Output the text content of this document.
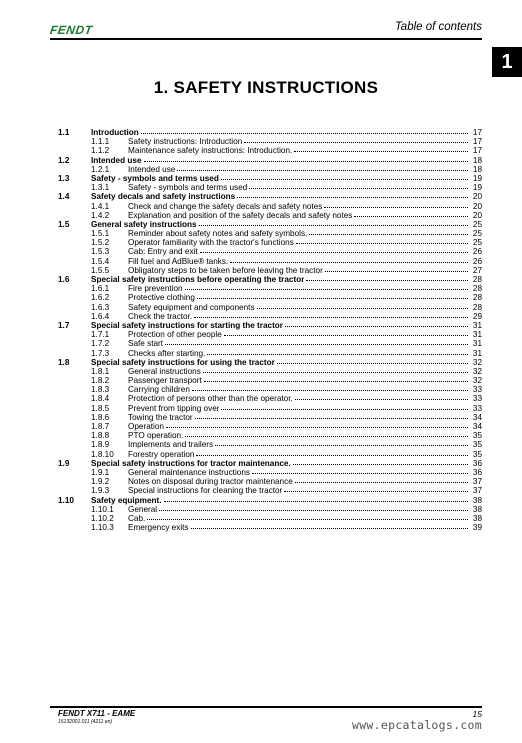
FENDT	Table of contents
1
1. SAFETY INSTRUCTIONS
1.1	Introduction	17
1.1.1	Safety instructions: Introduction	17
1.1.2	Maintenance safety instructions: Introduction.	17
1.2	Intended use	18
1.2.1	Intended use	18
1.3	Safety - symbols and terms used	19
1.3.1	Safety - symbols and terms used	19
1.4	Safety decals and safety instructions	20
1.4.1	Check and change the safety decals and safety notes	20
1.4.2	Explanation and position of the safety decals and safety notes	20
1.5	General safety instructions	25
1.5.1	Reminder about safety notes and safety symbols.	25
1.5.2	Operator familiarity with the tractor's functions	25
1.5.3	Cab: Entry and exit	26
1.5.4	Fill fuel and AdBlue® tanks.	26
1.5.5	Obligatory steps to be taken before leaving the tractor	27
1.6	Special safety instructions before operating the tractor	28
1.6.1	Fire prevention	28
1.6.2	Protective clothing	28
1.6.3	Safety equipment and components	28
1.6.4	Check the tractor.	29
1.7	Special safety instructions for starting the tractor	31
1.7.1	Protection of other people	31
1.7.2	Safe start	31
1.7.3	Checks after starting.	31
1.8	Special safety instructions for using the tractor	32
1.8.1	General instructions	32
1.8.2	Passenger transport	32
1.8.3	Carrying children	33
1.8.4	Protection of persons other than the operator.	33
1.8.5	Prevent from tipping over	33
1.8.6	Towing the tractor	34
1.8.7	Operation	34
1.8.8	PTO operation.	35
1.8.9	Implements and trailers	35
1.8.10	Forestry operation	35
1.9	Special safety instructions for tractor maintenance.	36
1.9.1	General maintenance instructions	36
1.9.2	Notes on disposal during tractor maintenance	37
1.9.3	Special instructions for cleaning the tractor	37
1.10	Safety equipment.	38
1.10.1	General	38
1.10.2	Cab.	38
1.10.3	Emergency exits	39
FENDT X711 - EAME
15132001.011 (4211 en)
15
www.epcatalogs.com
